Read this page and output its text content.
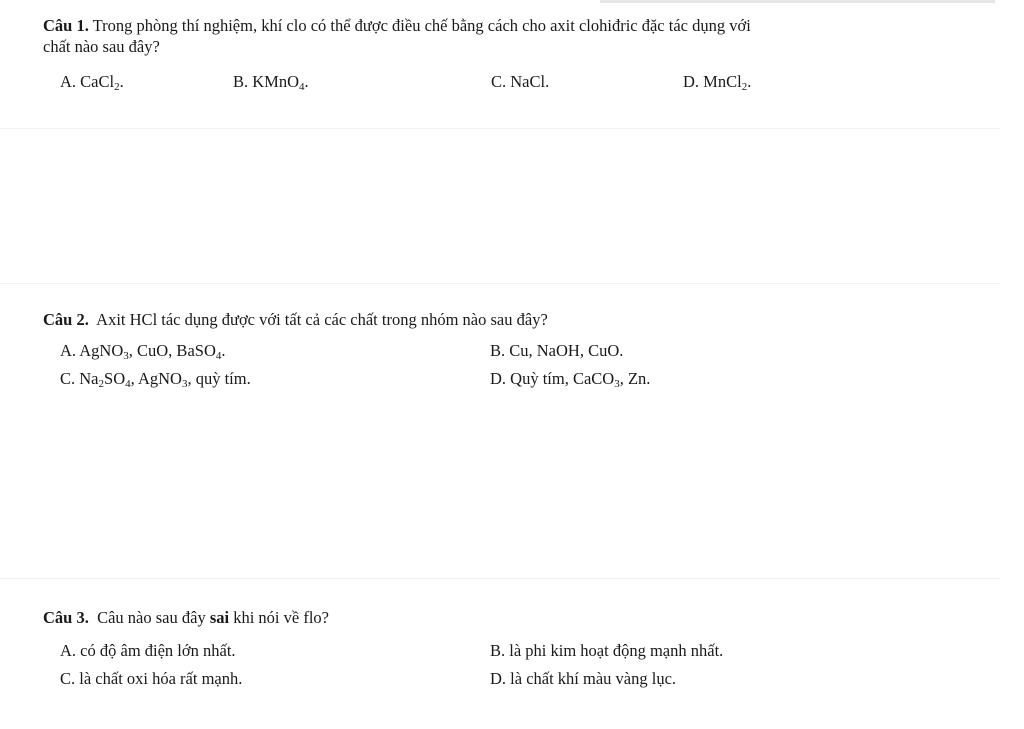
Câu 1. Trong phòng thí nghiệm, khí clo có thể được điều chế bằng cách cho axit clohiđric đặc tác dụng với
chất nào sau đây?
A. CaCl$_2$.	B. KMnO$_4$.	C. NaCl.	D. MnCl$_2$.
Câu 2.  Axit HCl tác dụng được với tất cả các chất trong nhóm nào sau đây?
A. AgNO$_3$, CuO, BaSO$_4$.	B. Cu, NaOH, CuO.
C. $Na_2SO_4$, AgNO$_3$, quỳ tím.	D. Quỳ tím, CaCO$_3$, Zn.
Câu 3.  Câu nào sau đây sai khi nói về flo?
A. có độ âm điện lớn nhất.	B. là phi kim hoạt động mạnh nhất.
C. là chất oxi hóa rất mạnh.	D. là chất khí màu vàng lục.
